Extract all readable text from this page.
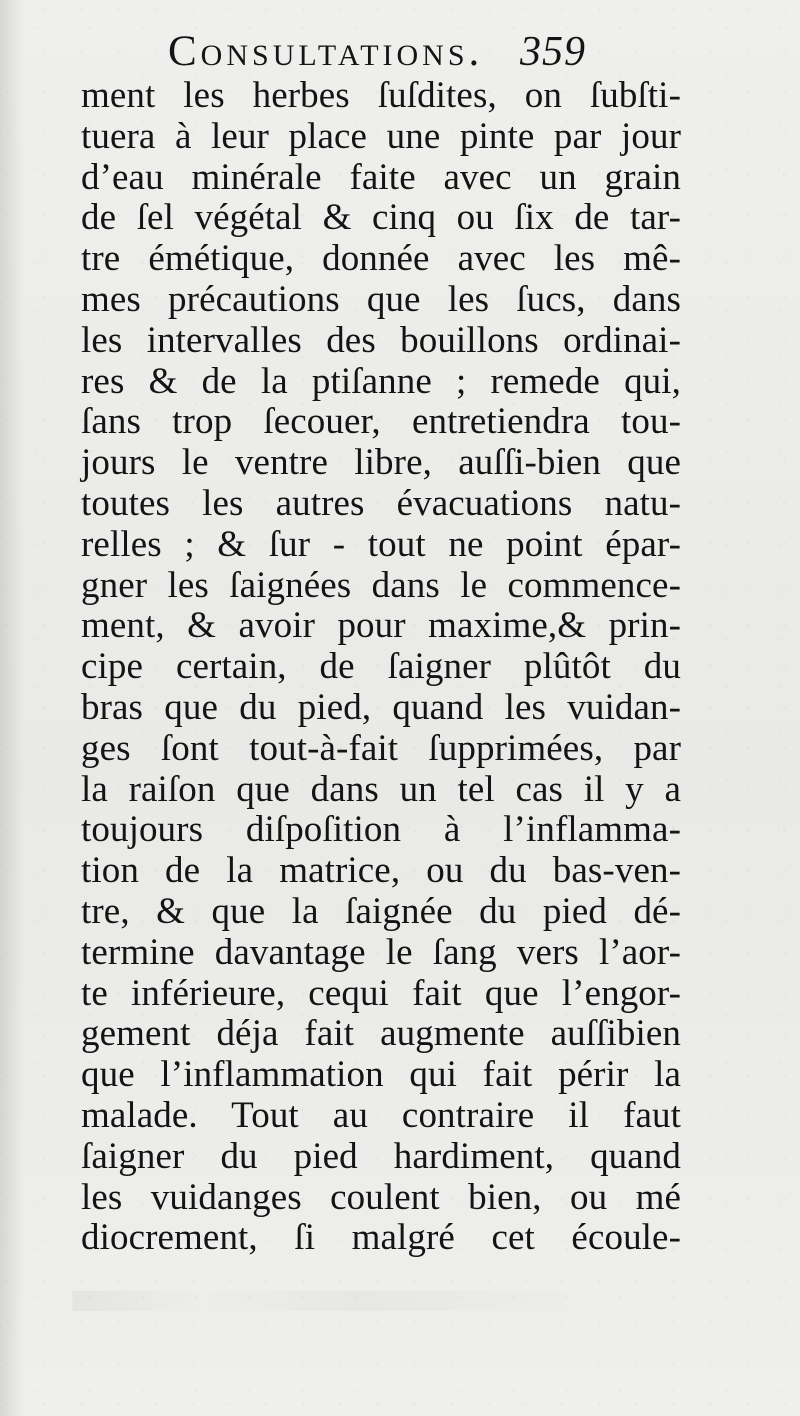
Consultations. 359
ment les herbes ſuſdites, on ſubſti-
tuera à leur place une pinte par jour
d’eau minérale faite avec un grain
de ſel végétal & cinq ou ſix de tar-
tre émétique, donnée avec les mê-
mes précautions que les ſucs, dans
les intervalles des bouillons ordinai-
res & de la ptiſanne ; remede qui,
ſans trop ſecouer, entretiendra tou-
jours le ventre libre, auſſi-bien que
toutes les autres évacuations natu-
relles ; & ſur - tout ne point épar-
gner les ſaignées dans le commence-
ment, & avoir pour maxime,& prin-
cipe certain, de ſaigner plûtôt du
bras que du pied, quand les vuidan-
ges ſont tout-à-fait ſupprimées, par
la raiſon que dans un tel cas il y a
toujours diſpoſition à l’inflamma-
tion de la matrice, ou du bas-ven-
tre, & que la ſaignée du pied dé-
termine davantage le ſang vers l’aor-
te inférieure, cequi fait que l’engor-
gement déja fait augmente auſſibien
que l’inflammation qui fait périr la
malade. Tout au contraire il faut
ſaigner du pied hardiment, quand
les vuidanges coulent bien, ou mé
diocrement, ſi malgré cet écoule-
